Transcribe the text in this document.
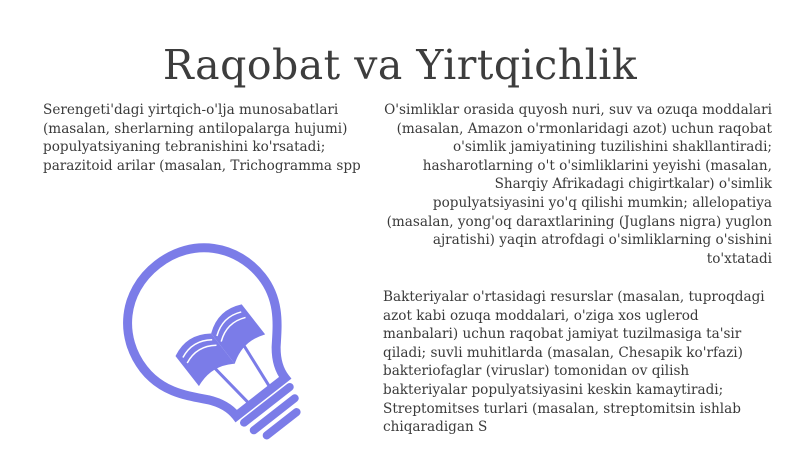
Raqobat va Yirtqichlik

Serengeti'dagi yirtqich-o'lja munosabatlari (masalan, sherlarning antilopalarga hujumi) populyatsiyaning tebranishini ko'rsatadi; parazitoid arilar (masalan, Trichogramma spp

O'simliklar orasida quyosh nuri, suv va ozuqa moddalari (masalan, Amazon o'rmonlaridagi azot) uchun raqobat o'simlik jamiyatining tuzilishini shakllantiradi; hasharotlarning o't o'simliklarini yeyishi (masalan, Sharqiy Afrikadagi chigirtkalar) o'simlik populyatsiyasini yo'q qilishi mumkin; allelopatiya (masalan, yong'oq daraxtlarining (Juglans nigra) yuglon ajratishi) yaqin atrofdagi o'simliklarning o'sishini to'xtatadi

Bakteriyalar o'rtasidagi resurslar (masalan, tuproqdagi azot kabi ozuqa moddalari, o'ziga xos uglerod manbalari) uchun raqobat jamiyat tuzilmasiga ta'sir qiladi; suvli muhitlarda (masalan, Chesapik ko'rfazi) bakteriofaglar (viruslar) tomonidan ov qilish bakteriyalar populyatsiyasini keskin kamaytiradi; Streptomitses turlari (masalan, streptomitsin ishlab chiqaradigan S
